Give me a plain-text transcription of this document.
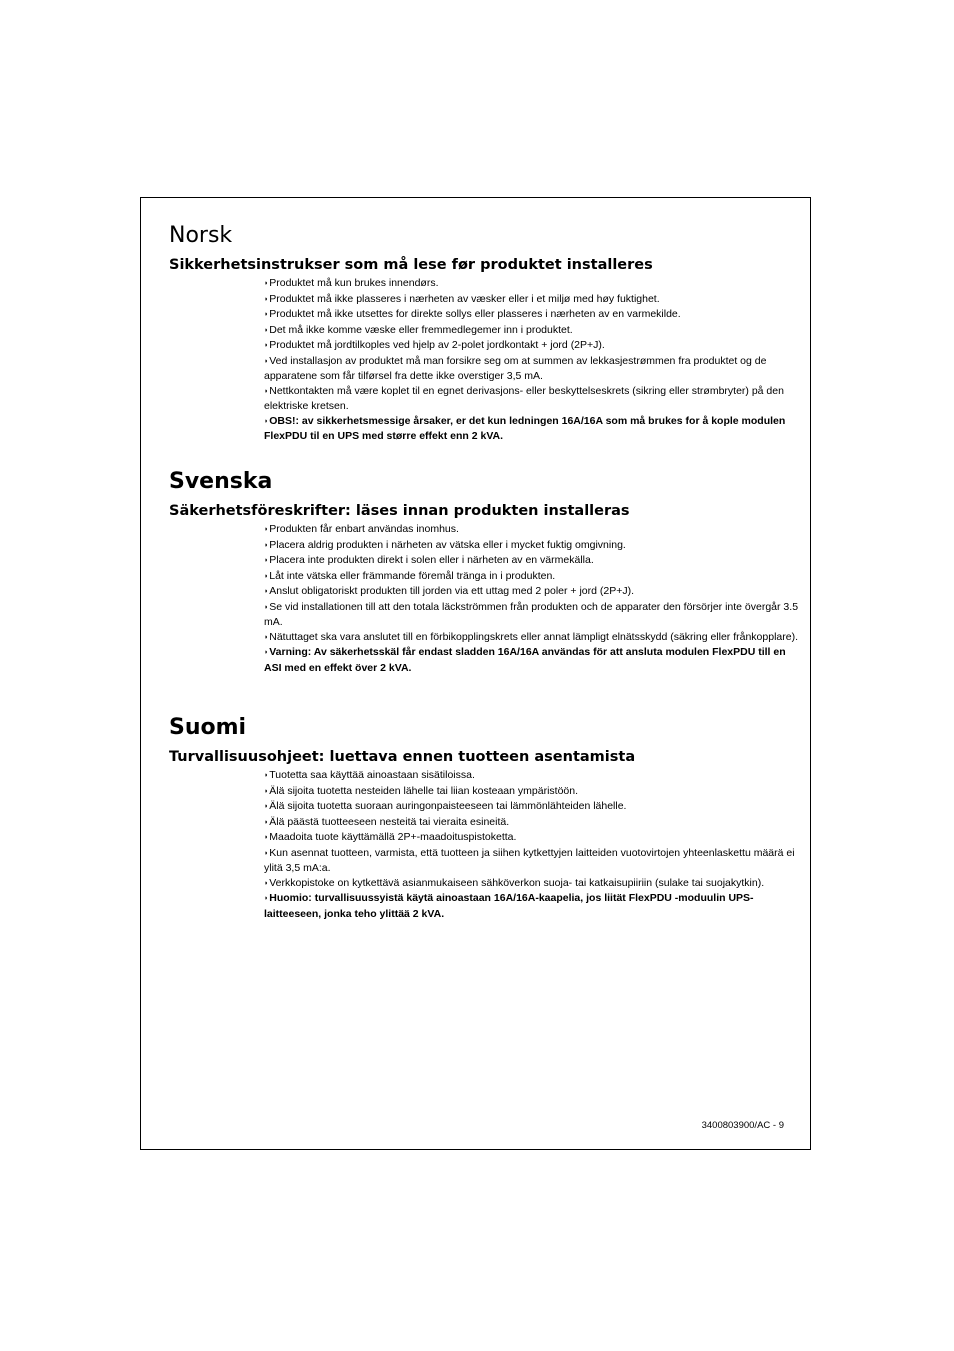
Norsk
Sikkerhetsinstrukser som må lese før produktet installeres
◗Produktet må kun brukes innendørs.
◗Produktet må ikke plasseres i nærheten av væsker eller i et miljø med høy fuktighet.
◗Produktet må ikke utsettes for direkte sollys eller plasseres i nærheten av en varmekilde.
◗Det må ikke komme væske eller fremmedlegemer inn i produktet.
◗Produktet må jordtilkoples ved hjelp av 2-polet jordkontakt + jord (2P+J).
◗Ved installasjon av produktet må man forsikre seg om at summen av lekkasjestrømmen fra produktet og de apparatene som får tilførsel fra dette ikke overstiger 3,5 mA.
◗Nettkontakten må være koplet til en egnet derivasjons- eller beskyttelseskrets (sikring eller strømbryter) på den elektriske kretsen.
◗OBS!: av sikkerhetsmessige årsaker, er det kun ledningen 16A/16A som må brukes for å kople modulen FlexPDU til en UPS med større effekt enn 2 kVA.
Svenska
Säkerhetsföreskrifter: läses innan produkten installeras
◗Produkten får enbart användas inomhus.
◗Placera aldrig produkten i närheten av vätska eller i mycket fuktig omgivning.
◗Placera inte produkten direkt i solen eller i närheten av en värmekälla.
◗Låt inte vätska eller främmande föremål tränga in i produkten.
◗Anslut obligatoriskt produkten till jorden via ett uttag med 2 poler + jord (2P+J).
◗Se vid installationen till att den totala läckströmmen från produkten och de apparater den försörjer inte övergår 3.5 mA.
◗Nätuttaget ska vara anslutet till en förbikopplingskrets eller annat lämpligt elnätsskydd (säkring eller frånkopplare).
◗Varning: Av säkerhetsskäl får endast sladden 16A/16A användas för att ansluta modulen FlexPDU till en ASI med en effekt över 2 kVA.
Suomi
Turvallisuusohjeet: luettava ennen tuotteen asentamista
◗Tuotetta saa käyttää ainoastaan sisätiloissa.
◗Älä sijoita tuotetta nesteiden lähelle tai liian kosteaan ympäristöön.
◗Älä sijoita tuotetta suoraan auringonpaisteeseen tai lämmönlähteiden lähelle.
◗Älä päästä tuotteeseen nesteitä tai vieraita esineitä.
◗Maadoita tuote käyttämällä 2P+-maadoituspistoketta.
◗Kun asennat tuotteen, varmista, että tuotteen ja siihen kytkettyjen laitteiden vuotovirtojen yhteenlaskettu määrä ei ylitä 3,5 mA:a.
◗Verkkopistoke on kytkettävä asianmukaiseen sähköverkon suoja- tai katkaisupiiriin (sulake tai suojakytkin).
◗Huomio: turvallisuussyistä käytä ainoastaan 16A/16A-kaapelia, jos liität FlexPDU -moduulin UPS-laitteeseen, jonka teho ylittää 2 kVA.
3400803900/AC - 9
